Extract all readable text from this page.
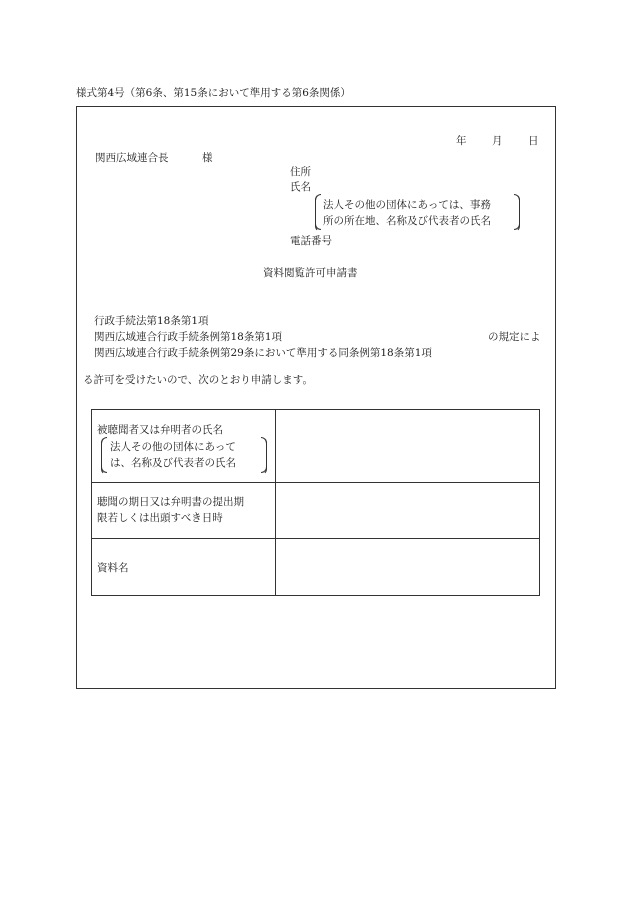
様式第4号（第6条、第15条において準用する第6条関係）
年 月 日
関西広域連合長	様
住所
氏名
法人その他の団体にあっては、事務
所の所在地、名称及び代表者の氏名
電話番号
資料閲覧許可申請書
行政手続法第18条第1項
関西広域連合行政手続条例第18条第1項	の規定によ
関西広域連合行政手続条例第29条において準用する同条例第18条第1項
る許可を受けたいので、次のとおり申請します。
被聴聞者又は弁明者の氏名
法人その他の団体にあって
は、名称及び代表者の氏名
聴聞の期日又は弁明書の提出期
限若しくは出頭すべき日時
資料名
